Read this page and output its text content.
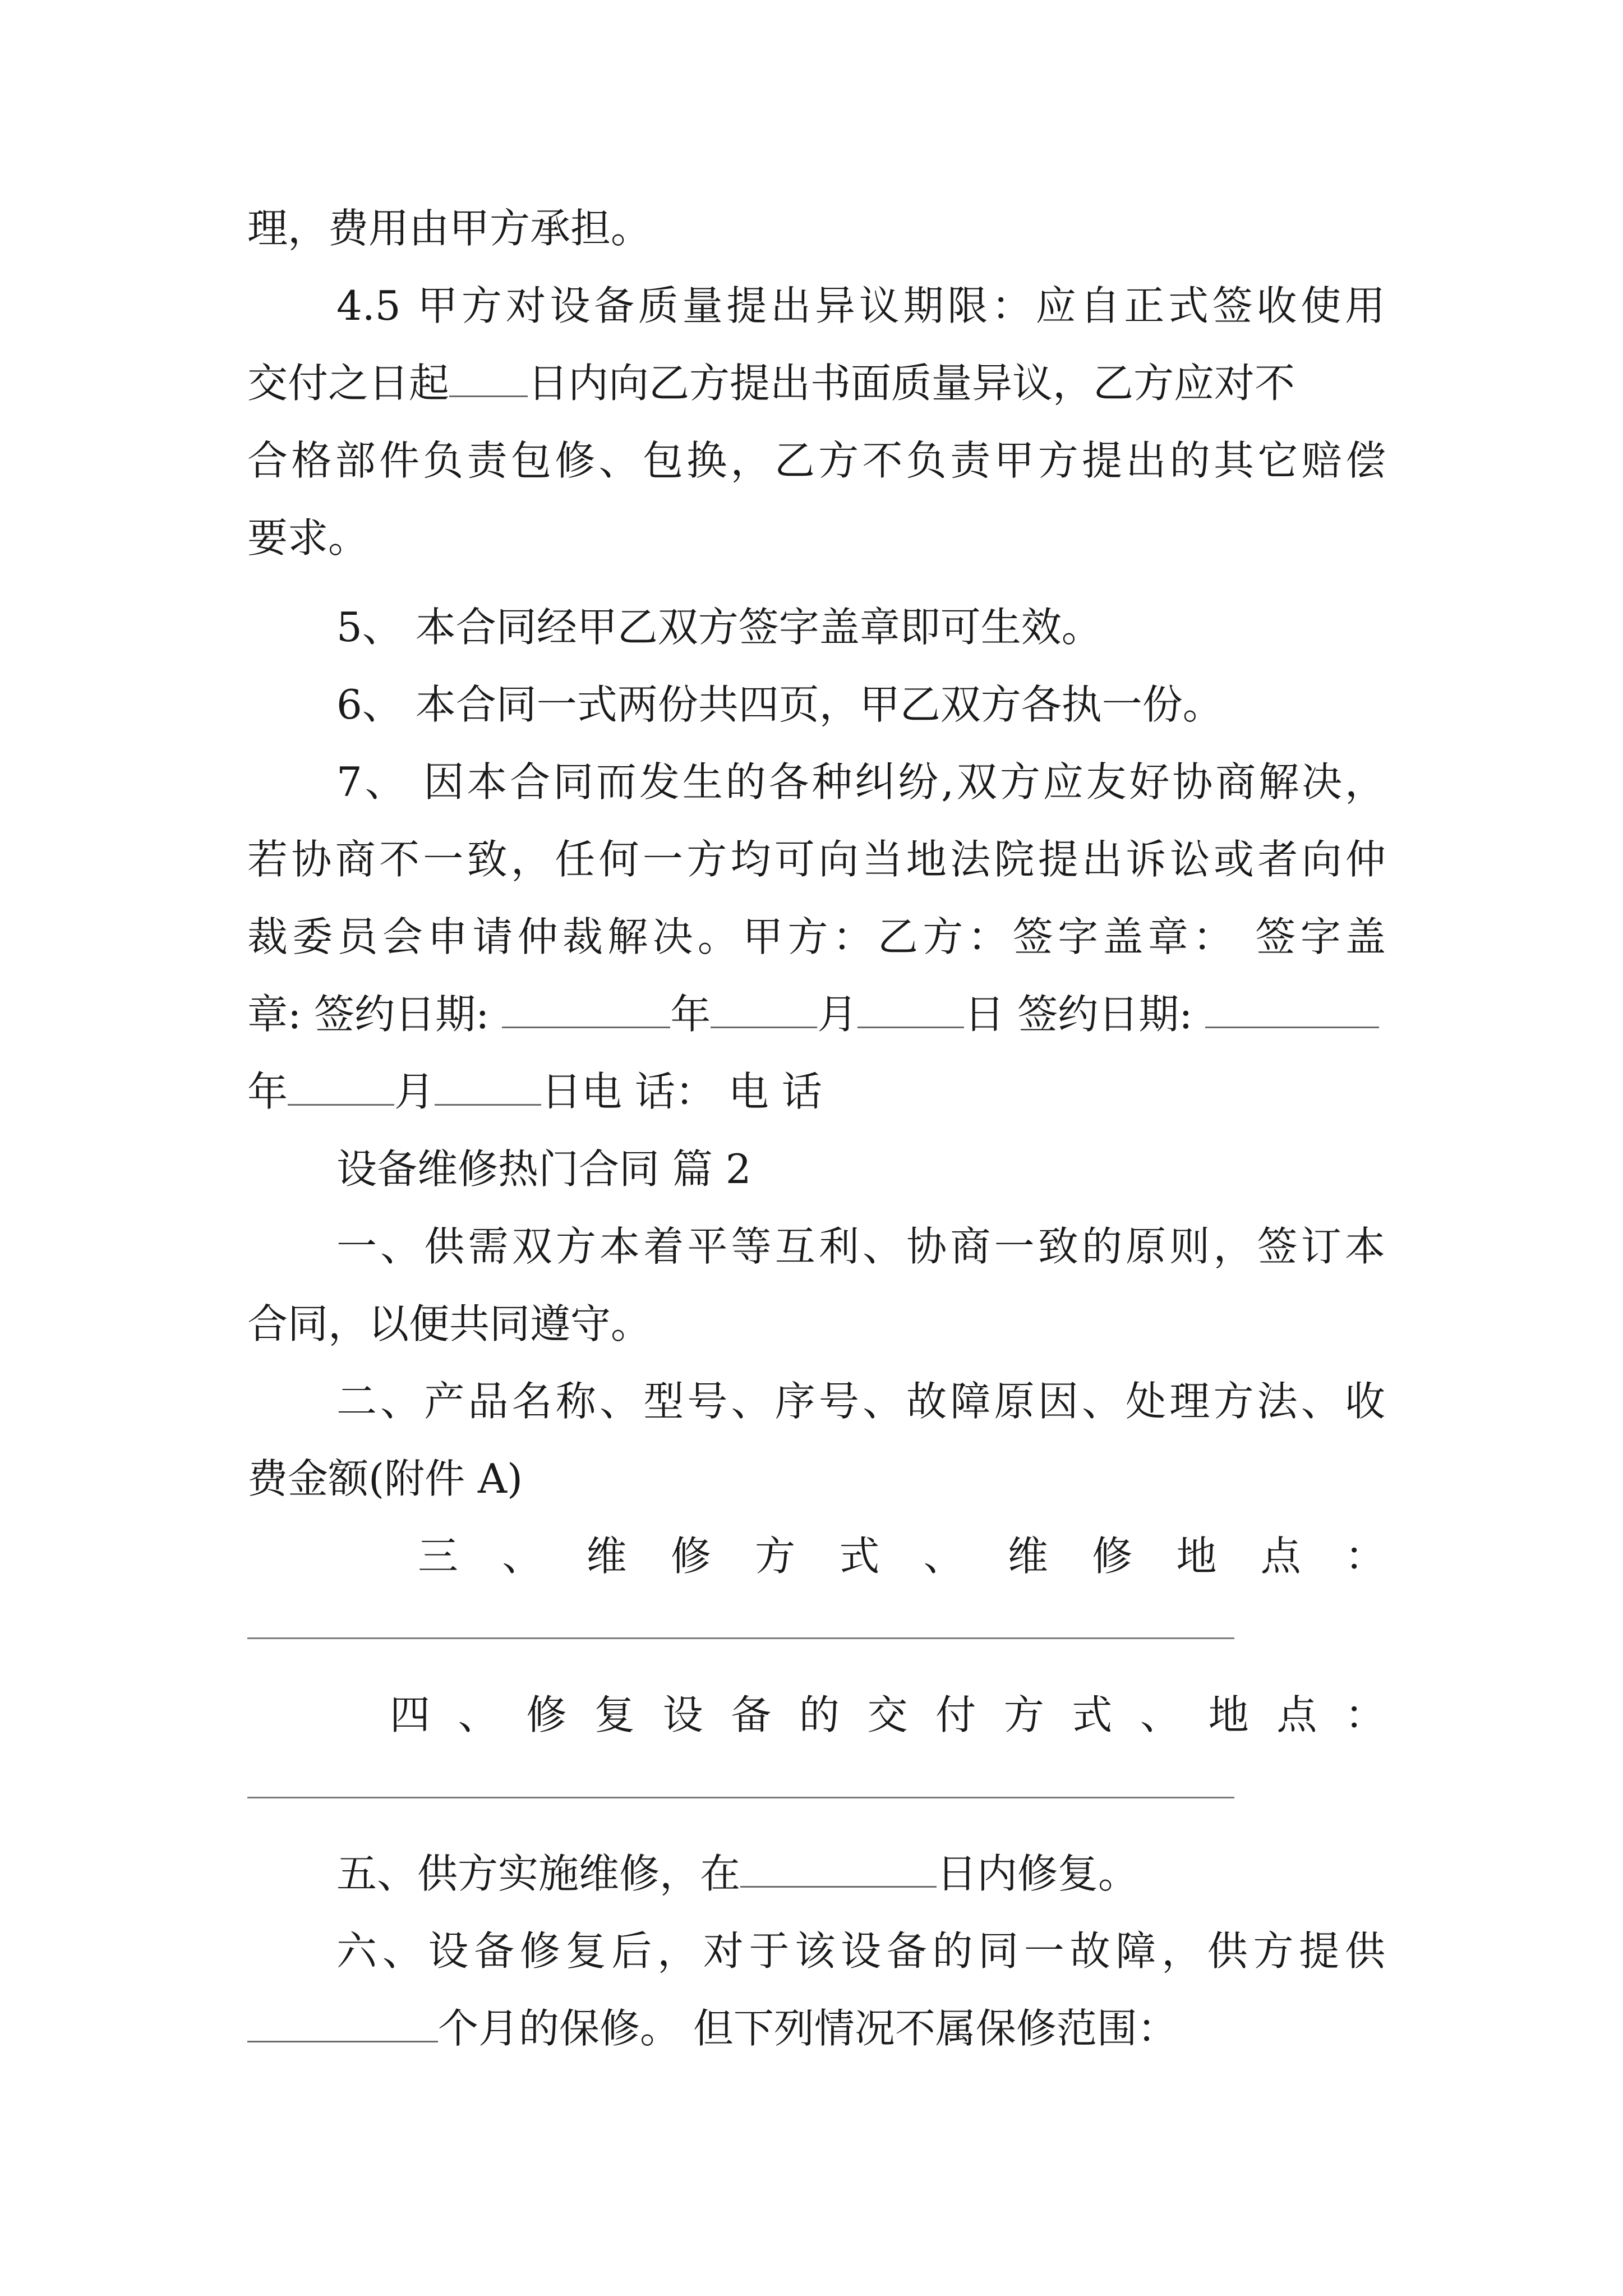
理，费用由甲方承担。
4.5 甲方对设备质量提出异议期限：应自正式签收使用
交付之日起 日内向乙方提出书面质量异议，乙方应对不
合格部件负责包修、包换，乙方不负责甲方提出的其它赔偿
要求。
5、 本合同经甲乙双方签字盖章即可生效。
6、 本合同一式两份共四页，甲乙双方各执一份。
7、 因本合同而发生的各种纠纷,双方应友好协商解决，
若协商不一致，任何一方均可向当地法院提出诉讼或者向仲
裁委员会申请仲裁解决。甲方：乙方：签字盖章： 签字盖
章: 签约日期:	年	月	日 签约日期:
年	月	日电 话： 电 话
设备维修热门合同 篇 2
一、供需双方本着平等互利、协商一致的原则，签订本
合同，以便共同遵守。
二、产品名称、型号、序号、故障原因、处理方法、收
费金额(附件 A)
三、维修方式、维修地点：
四、修复设备的交付方式、地点：
五、供方实施维修，在	日内修复。
六、设备修复后，对于该设备的同一故障，供方提供
个月的保修。 但下列情况不属保修范围：
